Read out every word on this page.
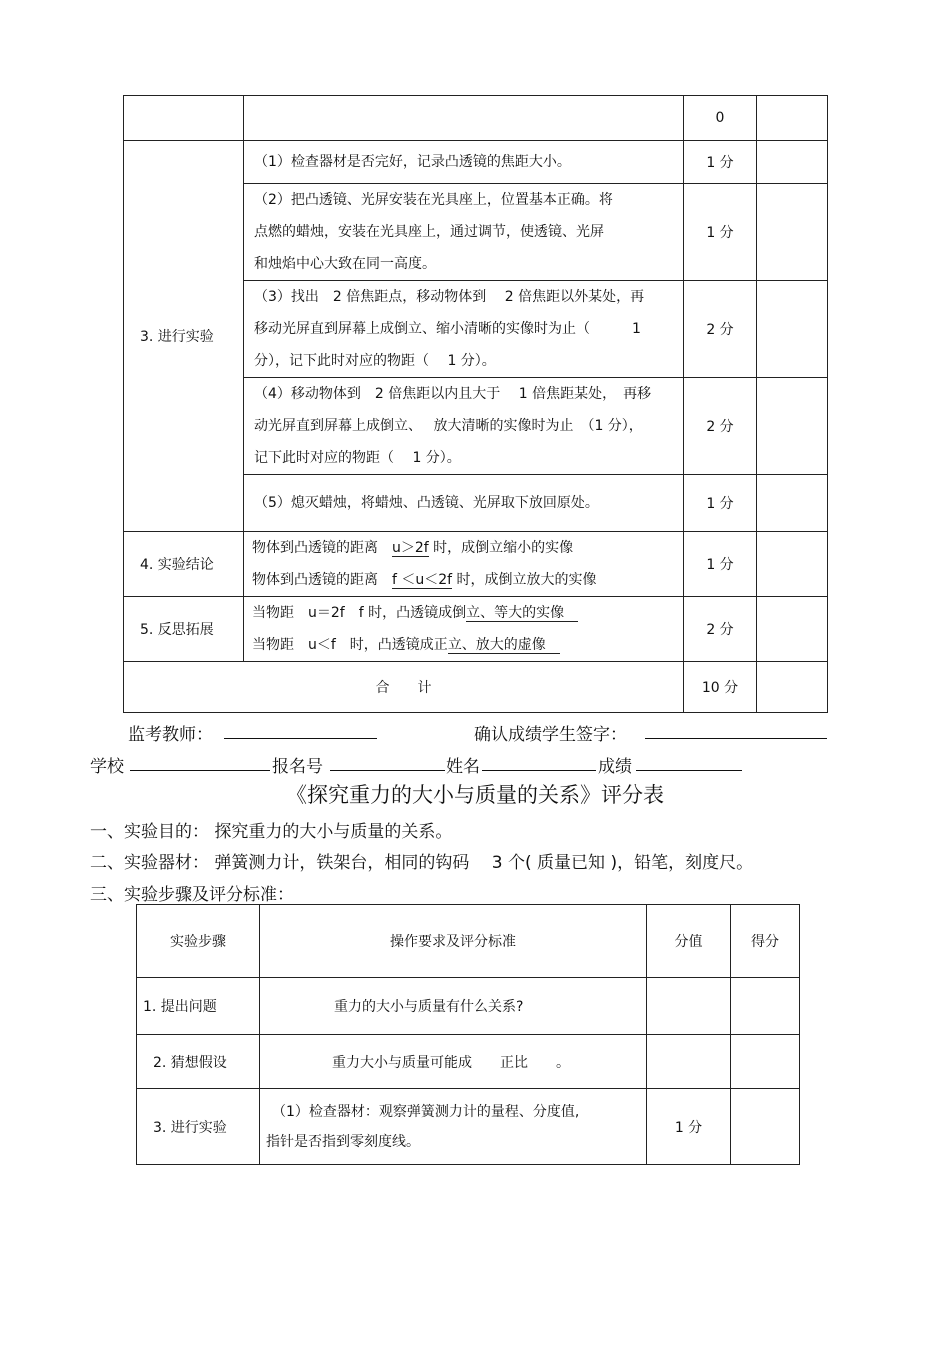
		0	
3. 进行实验	（1）检查器材是否完好，记录凸透镜的焦距大小。	1 分	

	（2）把凸透镜、光屏安装在光具座上，位置基本正确。将
点燃的蜡烛，安装在光具座上，通过调节，使透镜、光屏
和烛焰中心大致在同一高度。	1 分	

	（3）找出　2 倍焦距点，移动物体到　 2 倍焦距以外某处，再
移动光屏直到屏幕上成倒立、缩小清晰的实像时为止（　　　1
分），记下此时对应的物距（　 1 分）。	2 分	

	（4）移动物体到　2 倍焦距以内且大于　 1 倍焦距某处，　再移
动光屏直到屏幕上成倒立、　 放大清晰的实像时为止　（1 分），
记下此时对应的物距（　 1 分）。	2 分	
	（5）熄灭蜡烛，将蜡烛、凸透镜、光屏取下放回原处。	1 分	
4. 实验结论	物体到凸透镜的距离　u＞2f 时，成倒立缩小的实像
物体到凸透镜的距离　f ＜u＜2f 时，成倒立放大的实像	1 分	
5. 反思拓展	当物距　u＝2f　f 时，凸透镜成倒立、等大的实像　
当物距　u＜f　时，凸透镜成正立、放大的虚像　	2 分	
合　　计		10 分	
监考教师：	确认成绩学生签字：
学校	报名号	姓名	成绩
《探究重力的大小与质量的关系》评分表
一、实验目的： 探究重力的大小与质量的关系。
二、实验器材： 弹簧测力计，铁架台，相同的钩码　 3 个( 质量已知 )，铅笔，刻度尺。
三、实验步骤及评分标准：
实验步骤	操作要求及评分标准	分值	得分
1. 提出问题	重力的大小与质量有什么关系?		
2. 猜想假设	重力大小与质量可能成　　正比　　。		
3. 进行实验	（1）检查器材：观察弹簧测力计的量程、分度值,
指针是否指到零刻度线。	1 分	
